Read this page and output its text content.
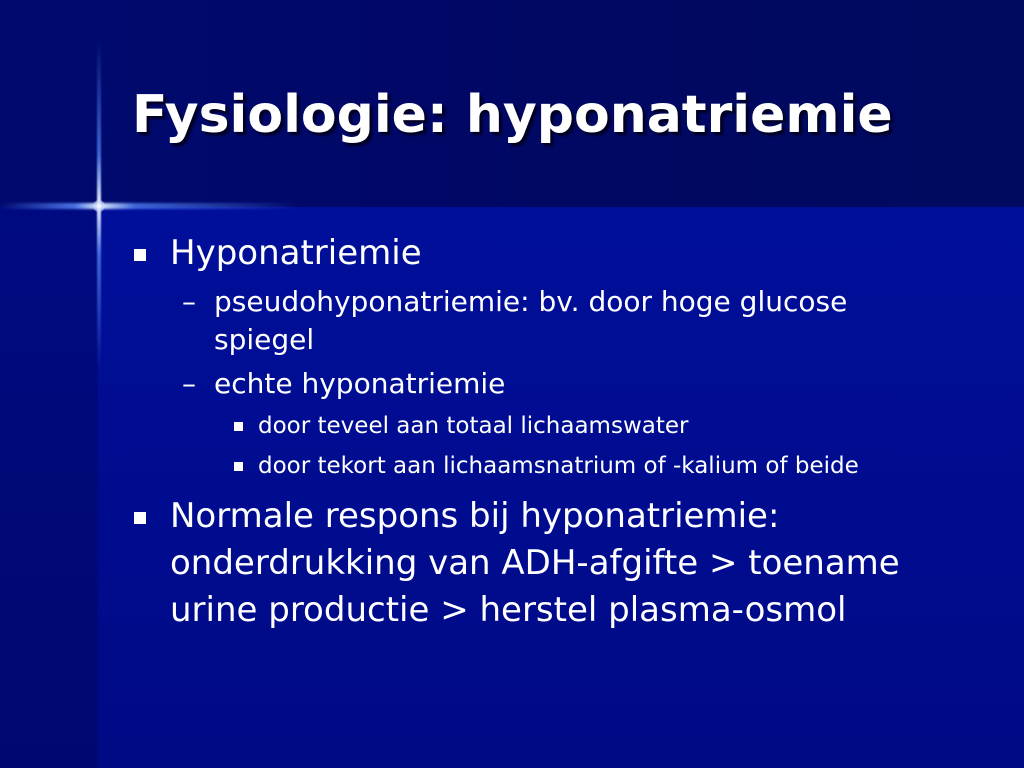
Fysiologie: hyponatriemie
Hyponatriemie
– pseudohyponatriemie: bv. door hoge glucose spiegel
– echte hyponatriemie
door teveel aan totaal lichaamswater
door tekort aan lichaamsnatrium of -kalium of beide
Normale respons bij hyponatriemie: onderdrukking van ADH-afgifte > toename urine productie > herstel plasma-osmol
